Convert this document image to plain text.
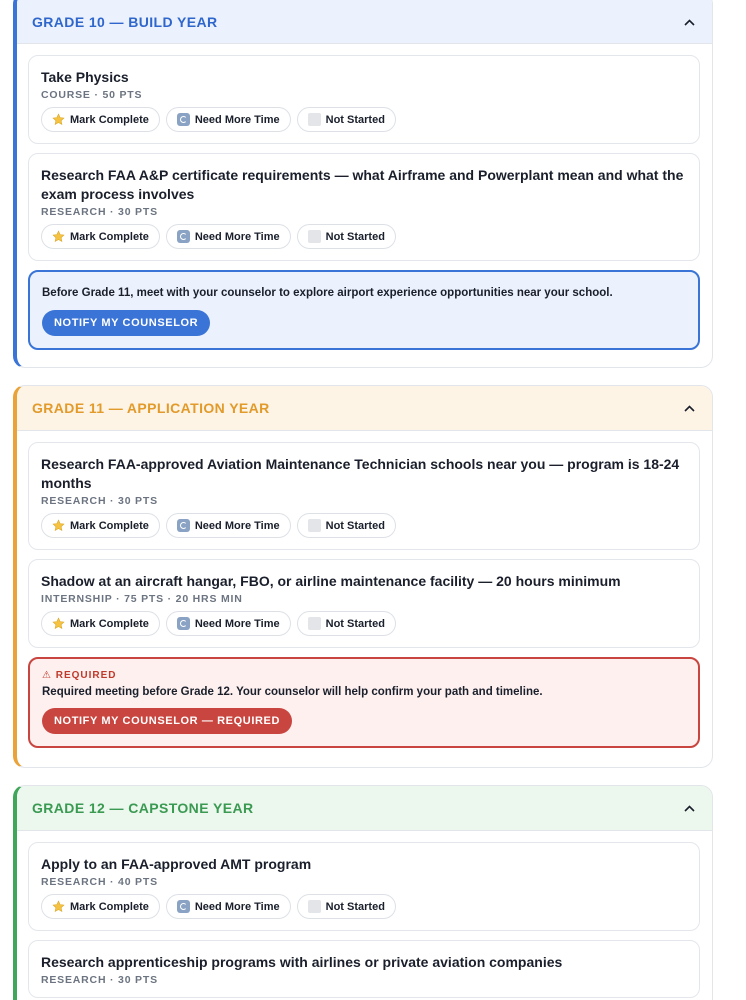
GRADE 10 — BUILD YEAR
Take Physics
COURSE · 50 PTS
Mark Complete	Need More Time	Not Started
Research FAA A&P certificate requirements — what Airframe and Powerplant mean and what the exam process involves
RESEARCH · 30 PTS
Mark Complete	Need More Time	Not Started
Before Grade 11, meet with your counselor to explore airport experience opportunities near your school.
NOTIFY MY COUNSELOR
GRADE 11 — APPLICATION YEAR
Research FAA-approved Aviation Maintenance Technician schools near you — program is 18-24 months
RESEARCH · 30 PTS
Mark Complete	Need More Time	Not Started
Shadow at an aircraft hangar, FBO, or airline maintenance facility — 20 hours minimum
INTERNSHIP · 75 PTS · 20 HRS MIN
Mark Complete	Need More Time	Not Started
⚠ REQUIRED
Required meeting before Grade 12. Your counselor will help confirm your path and timeline.
NOTIFY MY COUNSELOR — REQUIRED
GRADE 12 — CAPSTONE YEAR
Apply to an FAA-approved AMT program
RESEARCH · 40 PTS
Mark Complete	Need More Time	Not Started
Research apprenticeship programs with airlines or private aviation companies
RESEARCH · 30 PTS
